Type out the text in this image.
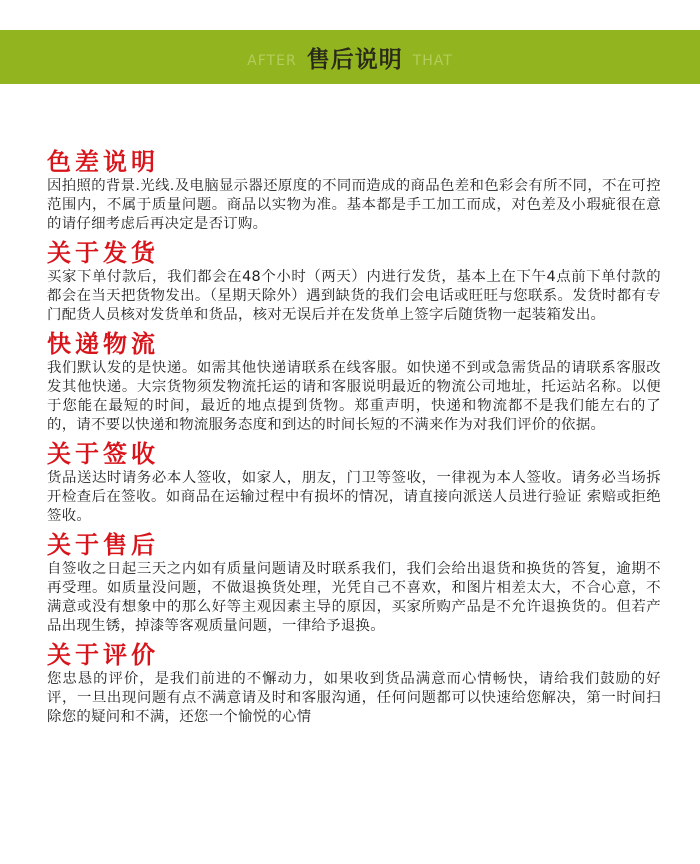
AFTER 售后说明 THAT
色差说明

因拍照的背景.光线.及电脑显示器还原度的不同而造成的商品色差和色彩会有所不同，不在可控范围内，不属于质量问题。商品以实物为准。基本都是手工加工而成，对色差及小瑕疵很在意的请仔细考虑后再决定是否订购。

关于发货

买家下单付款后，我们都会在48个小时（两天）内进行发货，基本上在下午4点前下单付款的都会在当天把货物发出。（星期天除外）遇到缺货的我们会电话或旺旺与您联系。发货时都有专门配货人员核对发货单和货品，核对无误后并在发货单上签字后随货物一起装箱发出。

快递物流

我们默认发的是快递。如需其他快递请联系在线客服。如快递不到或急需货品的请联系客服改发其他快递。大宗货物须发物流托运的请和客服说明最近的物流公司地址，托运站名称。以便于您能在最短的时间，最近的地点提到货物。郑重声明，快递和物流都不是我们能左右的了的，请不要以快递和物流服务态度和到达的时间长短的不满来作为对我们评价的依据。

关于签收

货品送达时请务必本人签收，如家人，朋友，门卫等签收，一律视为本人签收。请务必当场拆开检查后在签收。如商品在运输过程中有损坏的情况，请直接向派送人员进行验证 索赔或拒绝签收。

关于售后

自签收之日起三天之内如有质量问题请及时联系我们，我们会给出退货和换货的答复，逾期不再受理。如质量没问题，不做退换货处理，光凭自己不喜欢，和图片相差太大，不合心意，不满意或没有想象中的那么好等主观因素主导的原因，买家所购产品是不允许退换货的。但若产品出现生锈，掉漆等客观质量问题，一律给予退换。

关于评价

您忠恳的评价，是我们前进的不懈动力，如果收到货品满意而心情畅快，请给我们鼓励的好评，一旦出现问题有点不满意请及时和客服沟通，任何问题都可以快速给您解决，第一时间扫除您的疑问和不满，还您一个愉悦的心情
